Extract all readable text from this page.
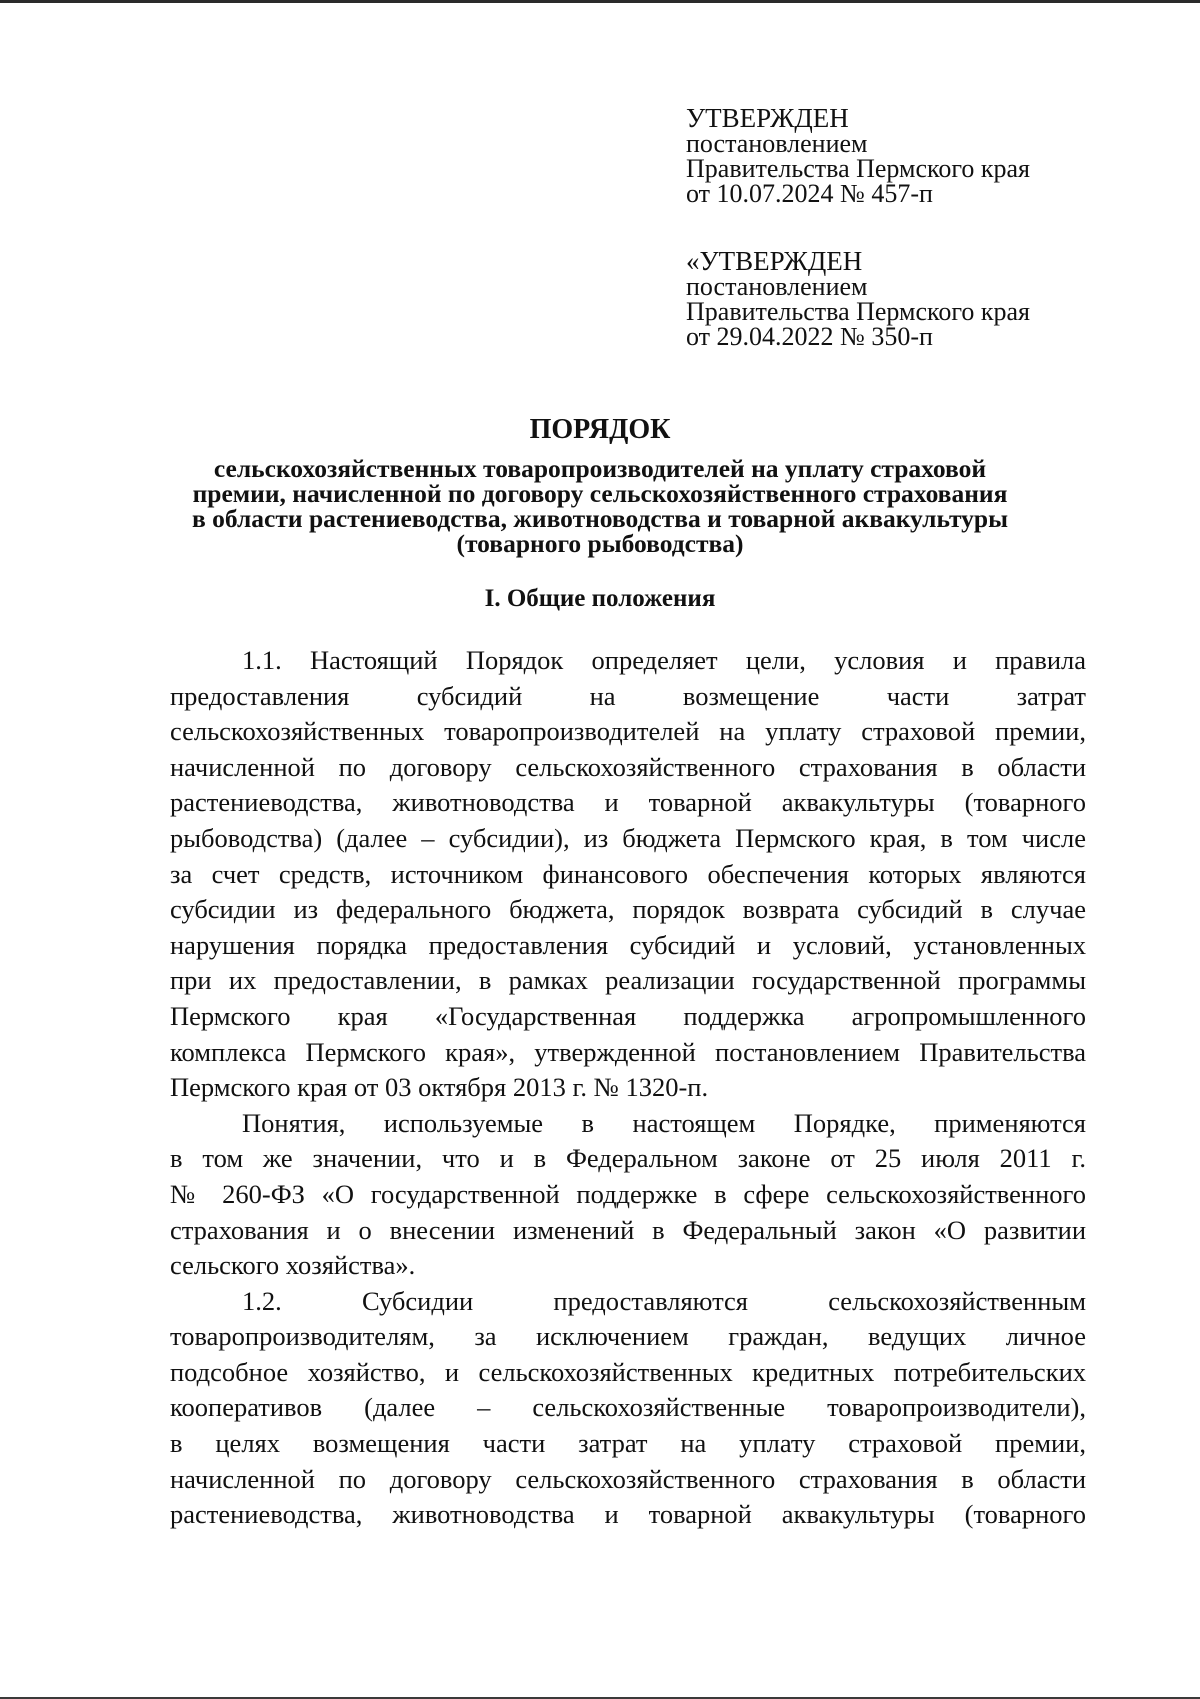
УТВЕРЖДЕН
постановлением
Правительства Пермского края
от 10.07.2024 № 457-п
«УТВЕРЖДЕН
постановлением
Правительства Пермского края
от 29.04.2022 № 350-п
ПОРЯДОК
сельскохозяйственных товаропроизводителей на уплату страховой
премии, начисленной по договору сельскохозяйственного страхования
в области растениеводства, животноводства и товарной аквакультуры
(товарного рыбоводства)
I. Общие положения

1.1. Настоящий Порядок определяет цели, условия и правила
предоставления субсидий на возмещение части затрат
сельскохозяйственных товаропроизводителей на уплату страховой премии,
начисленной по договору сельскохозяйственного страхования в области
растениеводства, животноводства и товарной аквакультуры (товарного
рыбоводства) (далее – субсидии), из бюджета Пермского края, в том числе
за счет средств, источником финансового обеспечения которых являются
субсидии из федерального бюджета, порядок возврата субсидий в случае
нарушения порядка предоставления субсидий и условий, установленных
при их предоставлении, в рамках реализации государственной программы
Пермского края «Государственная поддержка агропромышленного
комплекса Пермского края», утвержденной постановлением Правительства
Пермского края от 03 октября 2013 г. № 1320-п.

Понятия, используемые в настоящем Порядке, применяются
в том же значении, что и в Федеральном законе от 25 июля 2011 г.
№ 260-ФЗ «О государственной поддержке в сфере сельскохозяйственного
страхования и о внесении изменений в Федеральный закон «О развитии
сельского хозяйства».

1.2. Субсидии предоставляются сельскохозяйственным
товаропроизводителям, за исключением граждан, ведущих личное
подсобное хозяйство, и сельскохозяйственных кредитных потребительских
кооперативов (далее – сельскохозяйственные товаропроизводители),
в целях возмещения части затрат на уплату страховой премии,
начисленной по договору сельскохозяйственного страхования в области
растениеводства, животноводства и товарной аквакультуры (товарного
